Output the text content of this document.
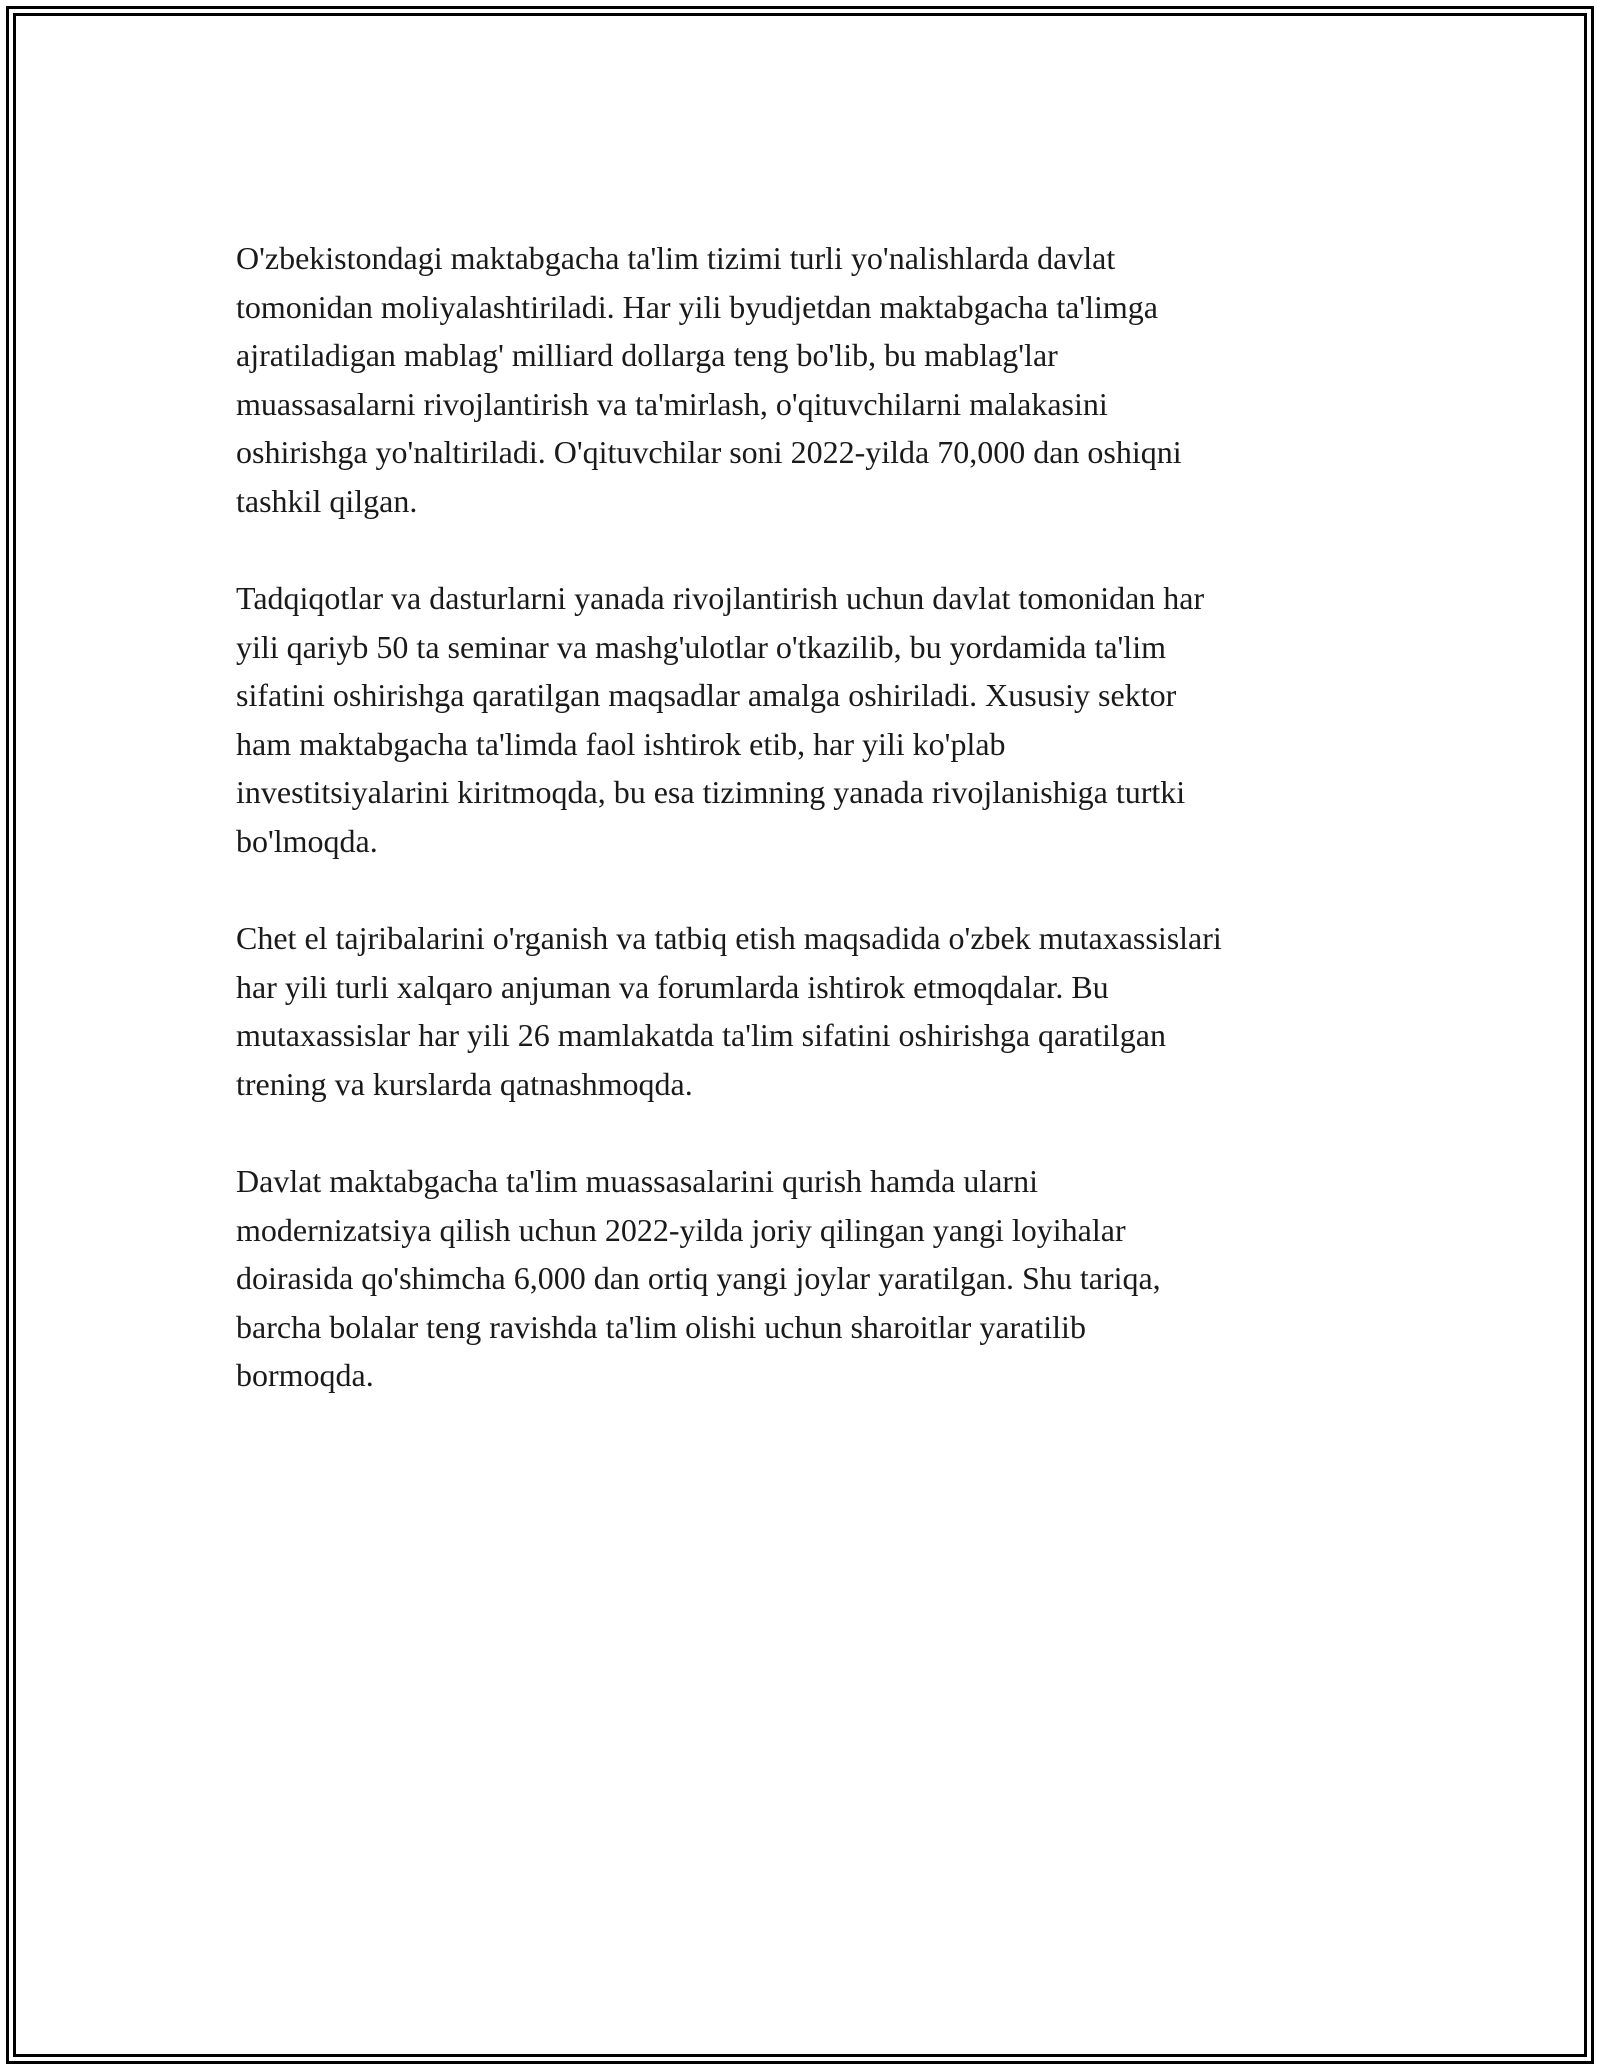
O'zbekistondagi maktabgacha ta'lim tizimi turli yo'nalishlarda davlat
tomonidan moliyalashtiriladi. Har yili byudjetdan maktabgacha ta'limga
ajratiladigan mablag' milliard dollarga teng bo'lib, bu mablag'lar
muassasalarni rivojlantirish va ta'mirlash, o'qituvchilarni malakasini
oshirishga yo'naltiriladi. O'qituvchilar soni 2022-yilda 70,000 dan oshiqni
tashkil qilgan.

Tadqiqotlar va dasturlarni yanada rivojlantirish uchun davlat tomonidan har
yili qariyb 50 ta seminar va mashg'ulotlar o'tkazilib, bu yordamida ta'lim
sifatini oshirishga qaratilgan maqsadlar amalga oshiriladi. Xususiy sektor
ham maktabgacha ta'limda faol ishtirok etib, har yili ko'plab
investitsiyalarini kiritmoqda, bu esa tizimning yanada rivojlanishiga turtki
bo'lmoqda.

Chet el tajribalarini o'rganish va tatbiq etish maqsadida o'zbek mutaxassislari
har yili turli xalqaro anjuman va forumlarda ishtirok etmoqdalar. Bu
mutaxassislar har yili 26 mamlakatda ta'lim sifatini oshirishga qaratilgan
trening va kurslarda qatnashmoqda.

Davlat maktabgacha ta'lim muassasalarini qurish hamda ularni
modernizatsiya qilish uchun 2022-yilda joriy qilingan yangi loyihalar
doirasida qo'shimcha 6,000 dan ortiq yangi joylar yaratilgan. Shu tariqa,
barcha bolalar teng ravishda ta'lim olishi uchun sharoitlar yaratilib
bormoqda.
